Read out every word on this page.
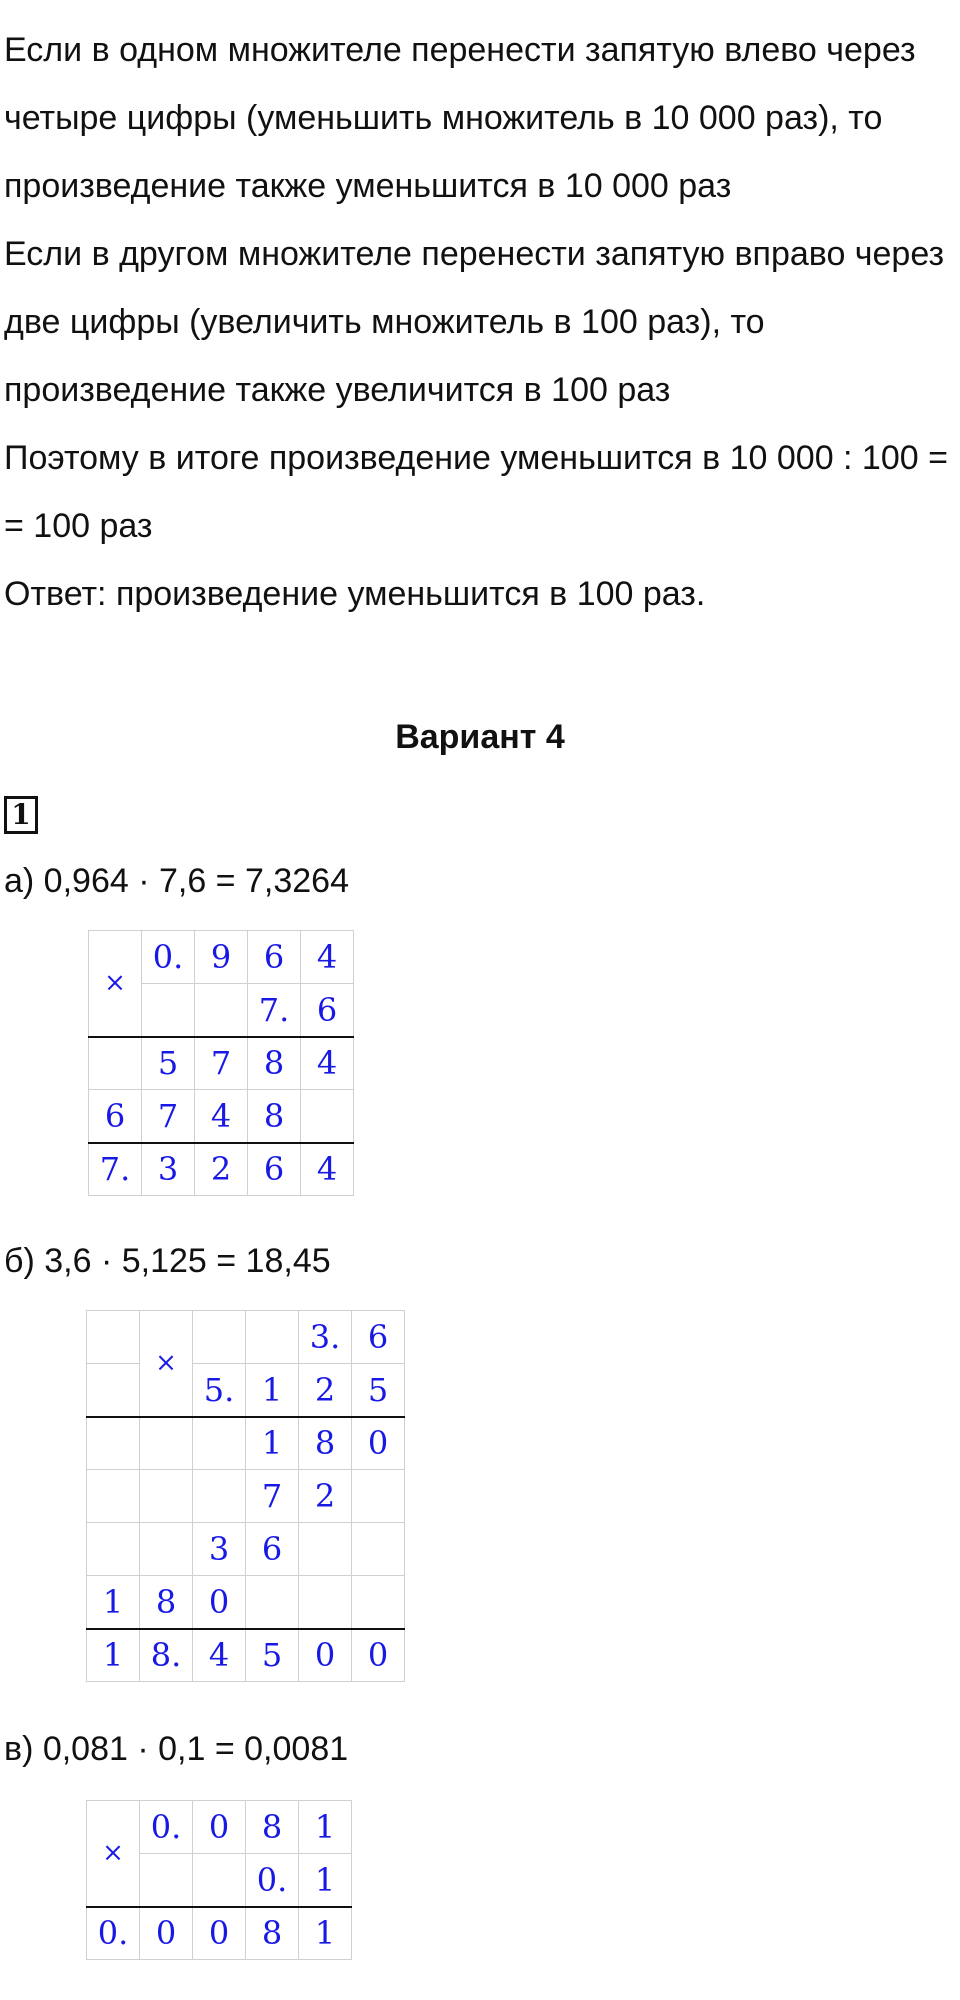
Если в одном множителе перенести запятую влево через
четыре цифры (уменьшить множитель в 10 000 раз), то
произведение также уменьшится в 10 000 раз
Если в другом множителе перенести запятую вправо через
две цифры (увеличить множитель в 100 раз), то
произведение также увеличится в 100 раз
Поэтому в итоге произведение уменьшится в 10 000 : 100 =
= 100 раз
Ответ: произведение уменьшится в 100 раз.
Вариант 4
1
а) 0,964 · 7,6 = 7,3264
×	0.	9	6	4
			7.	6
	5	7	8	4
6	7	4	8	
7.	3	2	6	4
б) 3,6 · 5,125 = 18,45
	×			3.	6
		5.	1	2	5
			1	8	0
			7	2	
		3	6		
1	8	0			
1	8.	4	5	0	0
в) 0,081 · 0,1 = 0,0081
×	0.	0	8	1
			0.	1
0.	0	0	8	1
